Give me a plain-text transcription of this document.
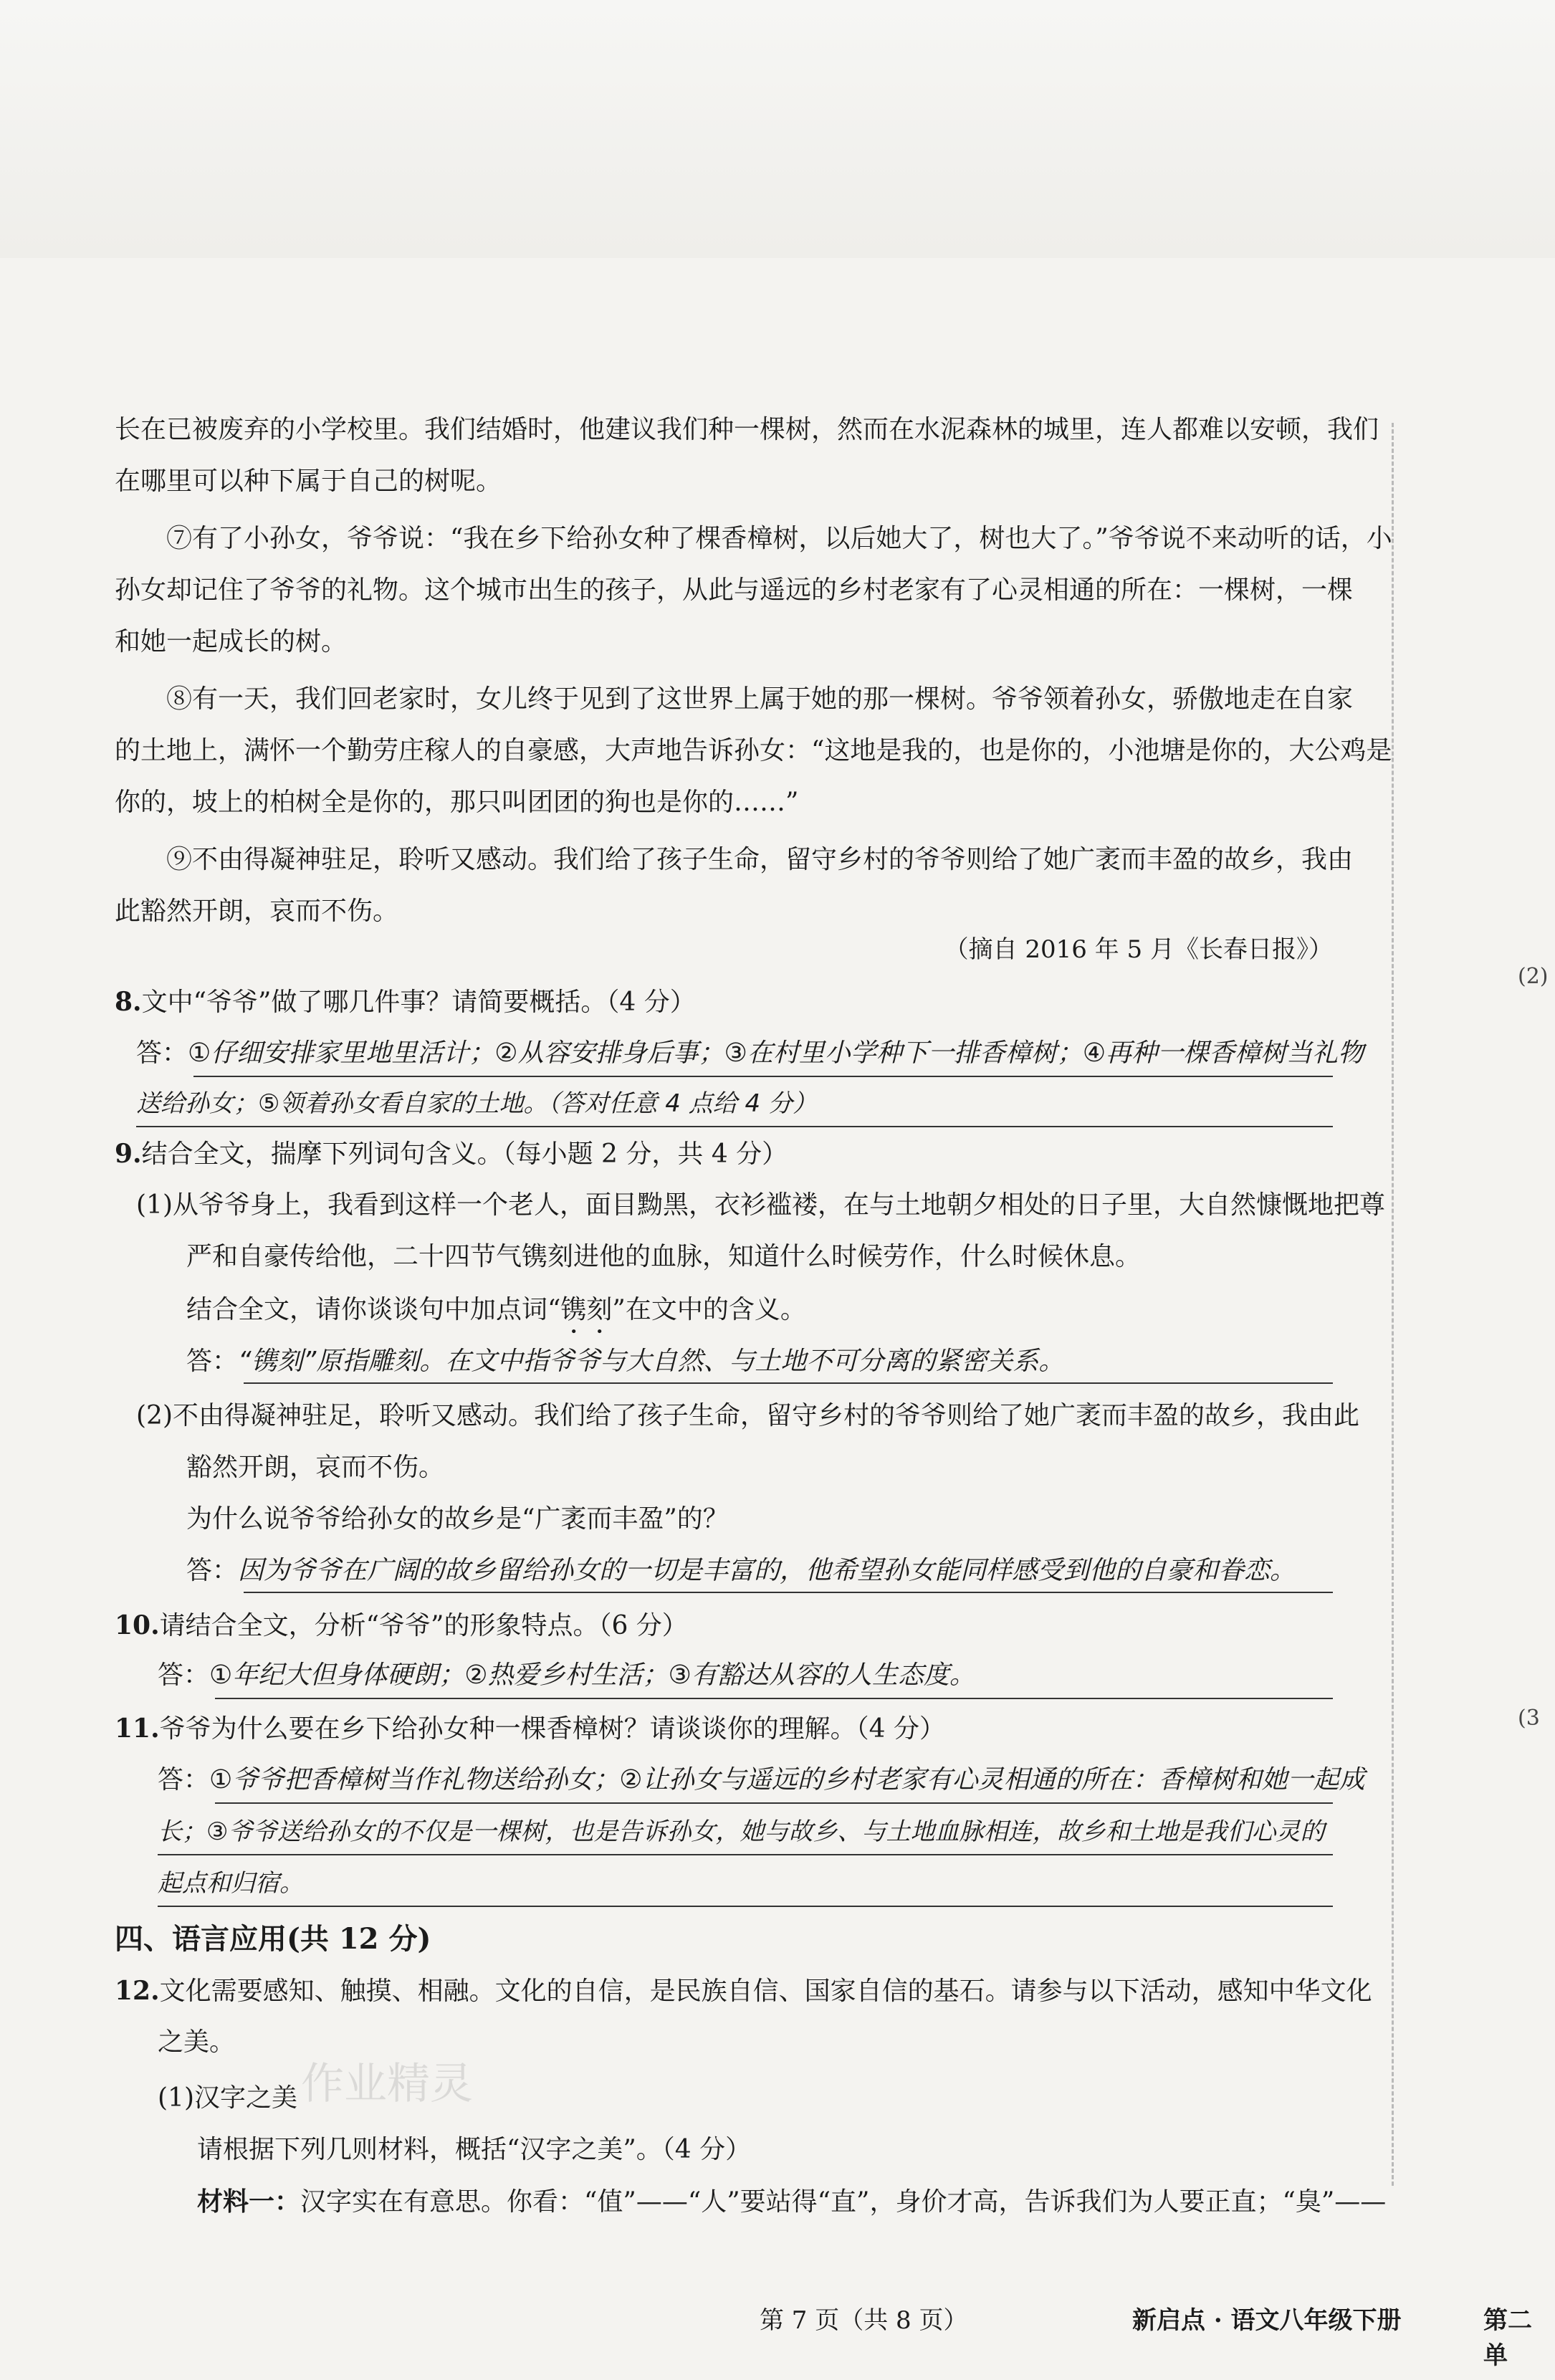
(2)
(3
作业精灵
长在已被废弃的小学校里。我们结婚时，他建议我们种一棵树，然而在水泥森林的城里，连人都难以安顿，我们
在哪里可以种下属于自己的树呢。
⑦有了小孙女，爷爷说：“我在乡下给孙女种了棵香樟树，以后她大了，树也大了。”爷爷说不来动听的话，小
孙女却记住了爷爷的礼物。这个城市出生的孩子，从此与遥远的乡村老家有了心灵相通的所在：一棵树，一棵
和她一起成长的树。
⑧有一天，我们回老家时，女儿终于见到了这世界上属于她的那一棵树。爷爷领着孙女，骄傲地走在自家
的土地上，满怀一个勤劳庄稼人的自豪感，大声地告诉孙女：“这地是我的，也是你的，小池塘是你的，大公鸡是
你的，坡上的柏树全是你的，那只叫团团的狗也是你的……”
⑨不由得凝神驻足，聆听又感动。我们给了孩子生命，留守乡村的爷爷则给了她广袤而丰盈的故乡，我由
此豁然开朗，哀而不伤。
（摘自 2016 年 5 月《长春日报》）
8.文中“爷爷”做了哪几件事？请简要概括。（4 分）
答：①仔细安排家里地里活计；②从容安排身后事；③在村里小学种下一排香樟树；④再种一棵香樟树当礼物
送给孙女；⑤领着孙女看自家的土地。（答对任意 4 点给 4 分）
9.结合全文，揣摩下列词句含义。（每小题 2 分，共 4 分）
(1)从爷爷身上，我看到这样一个老人，面目黝黑，衣衫褴褛，在与土地朝夕相处的日子里，大自然慷慨地把尊
严和自豪传给他，二十四节气镌刻进他的血脉，知道什么时候劳作，什么时候休息。
结合全文，请你谈谈句中加点词“镌刻”在文中的含义。
答：“镌刻”原指雕刻。在文中指爷爷与大自然、与土地不可分离的紧密关系。
(2)不由得凝神驻足，聆听又感动。我们给了孩子生命，留守乡村的爷爷则给了她广袤而丰盈的故乡，我由此
豁然开朗，哀而不伤。
为什么说爷爷给孙女的故乡是“广袤而丰盈”的？
答：因为爷爷在广阔的故乡留给孙女的一切是丰富的，他希望孙女能同样感受到他的自豪和眷恋。
10.请结合全文，分析“爷爷”的形象特点。（6 分）
答：①年纪大但身体硬朗；②热爱乡村生活；③有豁达从容的人生态度。
11.爷爷为什么要在乡下给孙女种一棵香樟树？请谈谈你的理解。（4 分）
答：①爷爷把香樟树当作礼物送给孙女；②让孙女与遥远的乡村老家有心灵相通的所在：香樟树和她一起成
长；③爷爷送给孙女的不仅是一棵树，也是告诉孙女，她与故乡、与土地血脉相连，故乡和土地是我们心灵的
起点和归宿。
四、语言应用(共 12 分)
12.文化需要感知、触摸、相融。文化的自信，是民族自信、国家自信的基石。请参与以下活动，感知中华文化
之美。
(1)汉字之美
请根据下列几则材料，概括“汉字之美”。（4 分）
材料一：汉字实在有意思。你看：“值”——“人”要站得“直”，身价才高，告诉我们为人要正直；“臭”——
第 7 页（共 8 页）	新启点 · 语文八年级下册	第二单
